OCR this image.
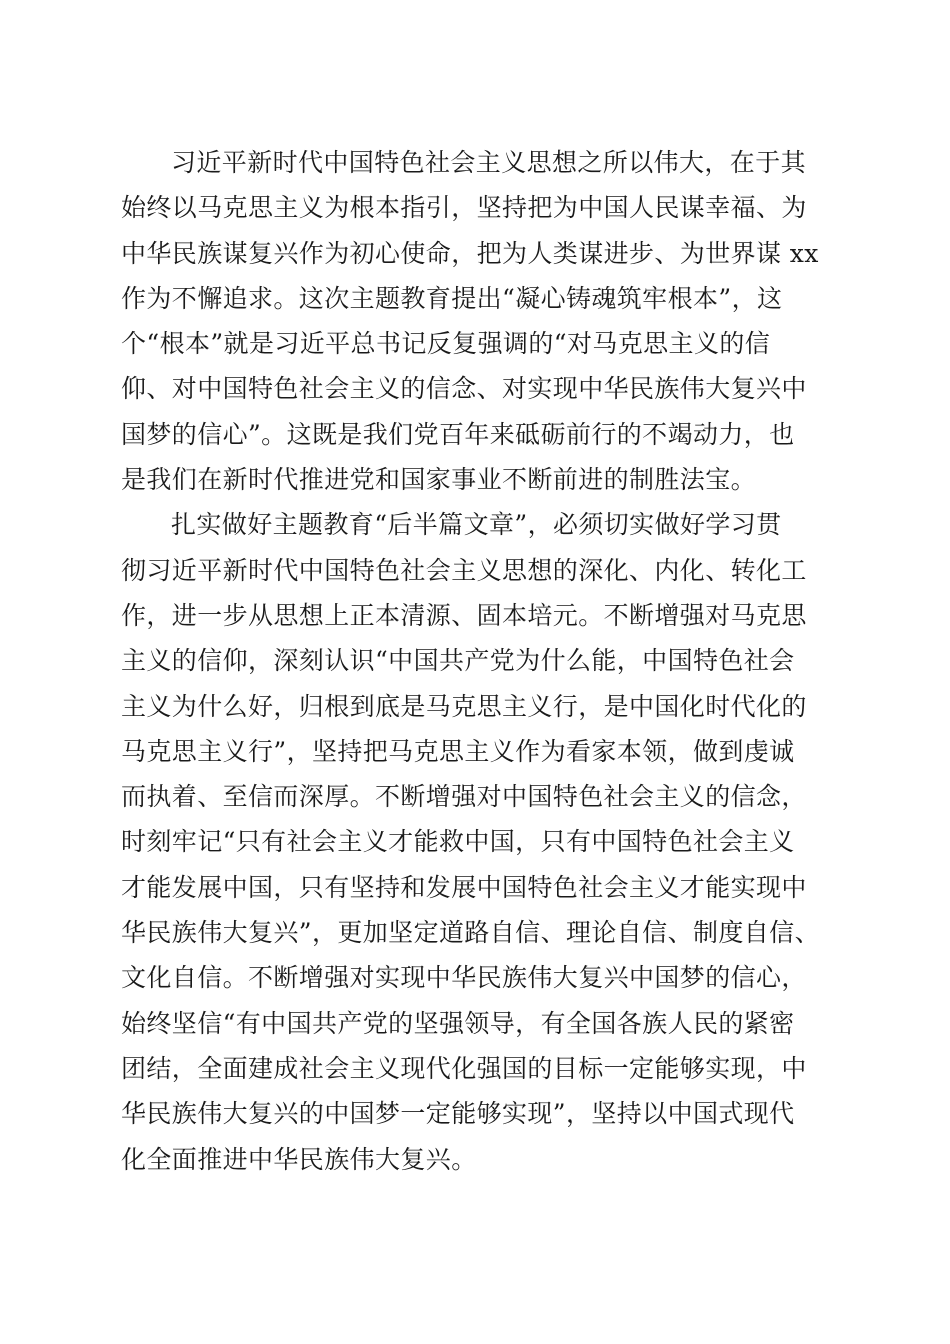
习近平新时代中国特色社会主义思想之所以伟大，在于其
始终以马克思主义为根本指引，坚持把为中国人民谋幸福、为
中华民族谋复兴作为初心使命，把为人类谋进步、为世界谋 xx
作为不懈追求。这次主题教育提出“凝心铸魂筑牢根本”，这
个“根本”就是习近平总书记反复强调的“对马克思主义的信
仰、对中国特色社会主义的信念、对实现中华民族伟大复兴中
国梦的信心”。这既是我们党百年来砥砺前行的不竭动力，也
是我们在新时代推进党和国家事业不断前进的制胜法宝。
扎实做好主题教育“后半篇文章”，必须切实做好学习贯
彻习近平新时代中国特色社会主义思想的深化、内化、转化工
作，进一步从思想上正本清源、固本培元。不断增强对马克思
主义的信仰，深刻认识“中国共产党为什么能，中国特色社会
主义为什么好，归根到底是马克思主义行，是中国化时代化的
马克思主义行”，坚持把马克思主义作为看家本领，做到虔诚
而执着、至信而深厚。不断增强对中国特色社会主义的信念，
时刻牢记“只有社会主义才能救中国，只有中国特色社会主义
才能发展中国，只有坚持和发展中国特色社会主义才能实现中
华民族伟大复兴”，更加坚定道路自信、理论自信、制度自信、
文化自信。不断增强对实现中华民族伟大复兴中国梦的信心，
始终坚信“有中国共产党的坚强领导，有全国各族人民的紧密
团结，全面建成社会主义现代化强国的目标一定能够实现，中
华民族伟大复兴的中国梦一定能够实现”，坚持以中国式现代
化全面推进中华民族伟大复兴。
